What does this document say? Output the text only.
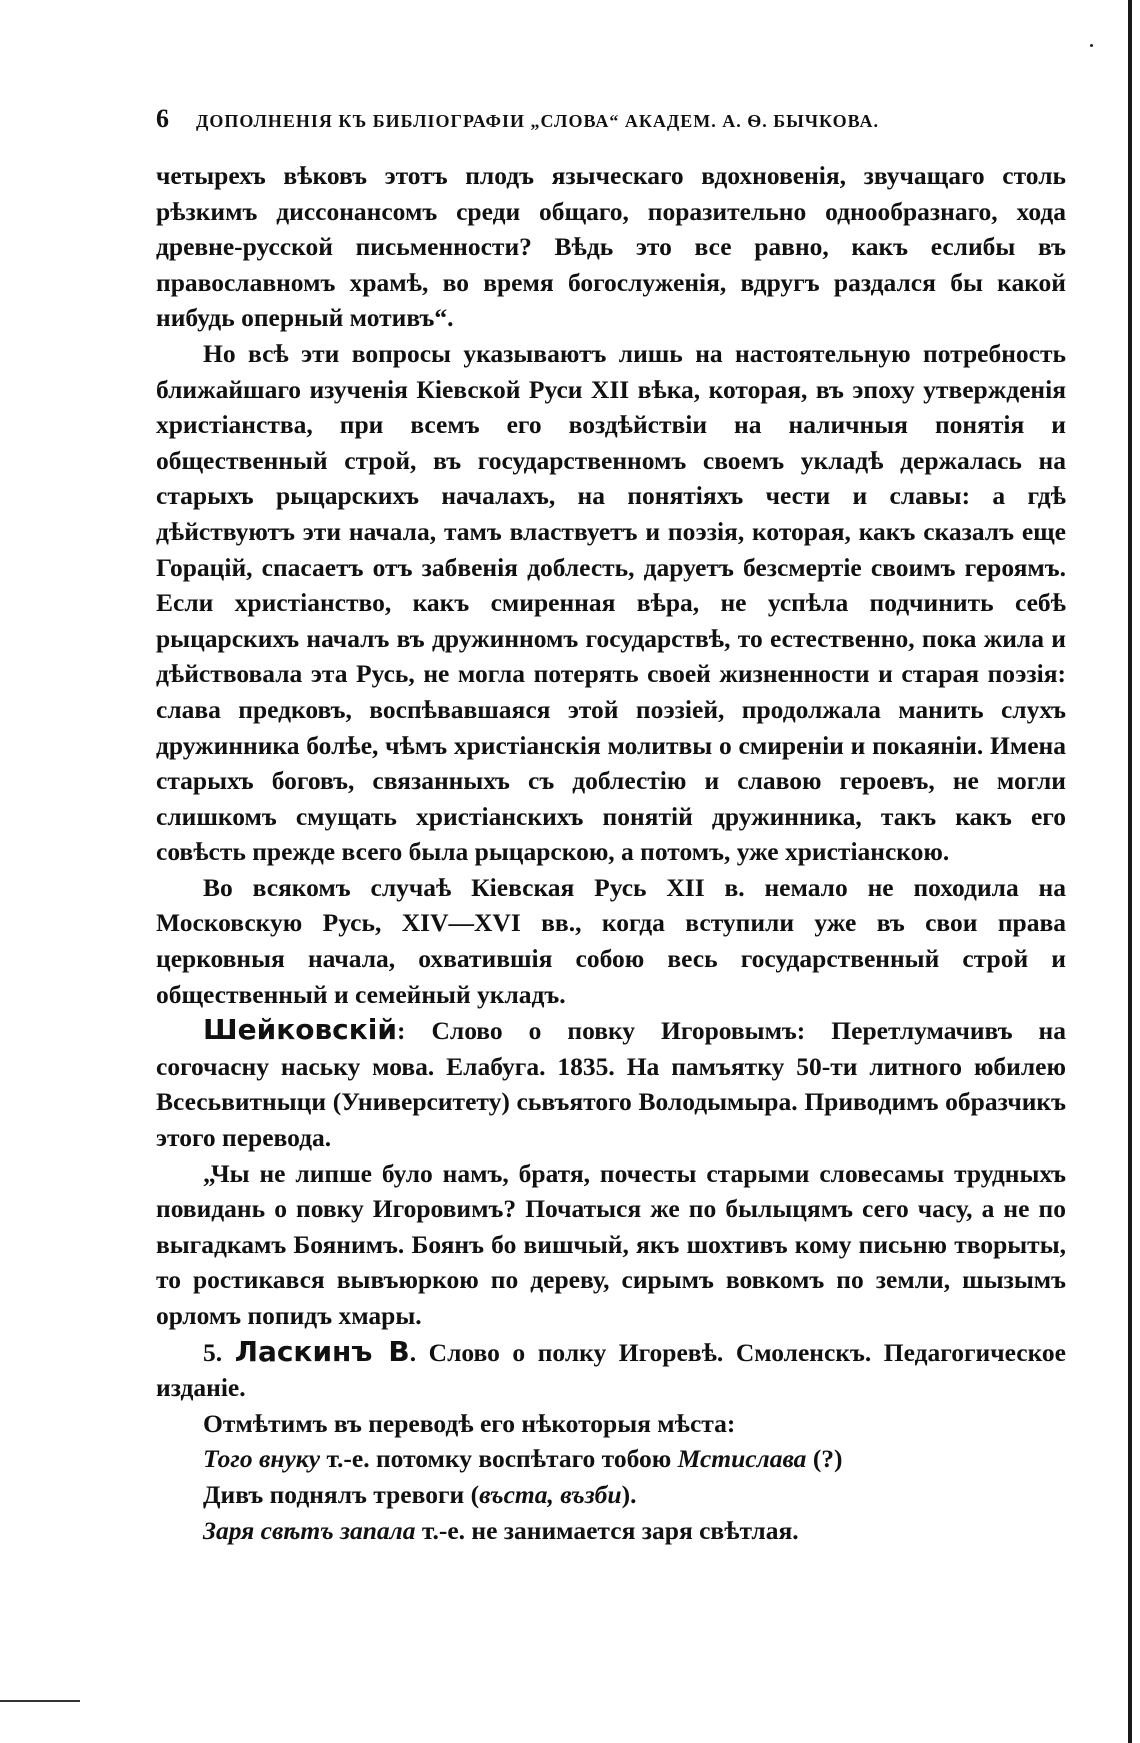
6 ДОПОЛНЕНІЯ КЪ БИБЛІОГРАФІИ „СЛОВА“ АКАДЕМ. А. Ѳ. БЫЧКОВА.

четырехъ вѣковъ этотъ плодъ языческаго вдохновенія, звучащаго столь рѣзкимъ диссонансомъ среди общаго, поразительно однообразнаго, хода древне-русской письменности? Вѣдь это все равно, какъ еслибы въ православномъ храмѣ, во время богослуженія, вдругъ раздался бы какой нибудь оперный мотивъ“.

Но всѣ эти вопросы указываютъ лишь на настоятельную потребность ближайшаго изученія Кіевской Руси XII вѣка, которая, въ эпоху утвержденія христіанства, при всемъ его воздѣйствіи на наличныя понятія и общественный строй, въ государственномъ своемъ укладѣ держалась на старыхъ рыцарскихъ началахъ, на понятіяхъ чести и славы: а гдѣ дѣйствуютъ эти начала, тамъ властвуетъ и поэзія, которая, какъ сказалъ еще Горацій, спасаетъ отъ забвенія доблесть, даруетъ безсмертіе своимъ героямъ. Если христіанство, какъ смиренная вѣра, не успѣла подчинить себѣ рыцарскихъ началъ въ дружинномъ государствѣ, то естественно, пока жила и дѣйствовала эта Русь, не могла потерять своей жизненности и старая поэзія: слава предковъ, воспѣвавшаяся этой поэзіей, продолжала манить слухъ дружинника болѣе, чѣмъ христіанскія молитвы о смиреніи и покаяніи. Имена старыхъ боговъ, связанныхъ съ доблестію и славою героевъ, не могли слишкомъ смущать христіанскихъ понятій дружинника, такъ какъ его совѣсть прежде всего была рыцарскою, а потомъ, уже христіанскою.

Во всякомъ случаѣ Кіевская Русь XII в. немало не походила на Московскую Русь, XIV—XVI вв., когда вступили уже въ свои права церковныя начала, охватившія собою весь государственный строй и общественный и семейный укладъ.

Шейковскій: Слово о повку Игоровымъ: Перетлумачивъ на согочасну наську мова. Елабуга. 1835. На памъятку 50-ти литного юбилею Всесьвитныци (Университету) сьвъятого Володымыра. Приводимъ образчикъ этого перевода.

„Чы не липше було намъ, братя, почесты старыми словесамы трудныхъ повидань о повку Игоровимъ? Початыся же по былыцямъ сего часу, а не по выгадкамъ Боянимъ. Боянъ бо вишчый, якъ шохтивъ кому письню творыты, то ростикався вывъюркою по дереву, сирымъ вовкомъ по земли, шызымъ орломъ попидъ хмары.

5. Ласкинъ В. Слово о полку Игоревѣ. Смоленскъ. Педагогическое изданіе.

Отмѣтимъ въ переводѣ его нѣкоторыя мѣста:

Того внуку т.-е. потомку воспѣтаго тобою Мстислава (?)

Дивъ поднялъ тревоги (въста, възби).

Заря свѣтъ запала т.-е. не занимается заря свѣтлая.
